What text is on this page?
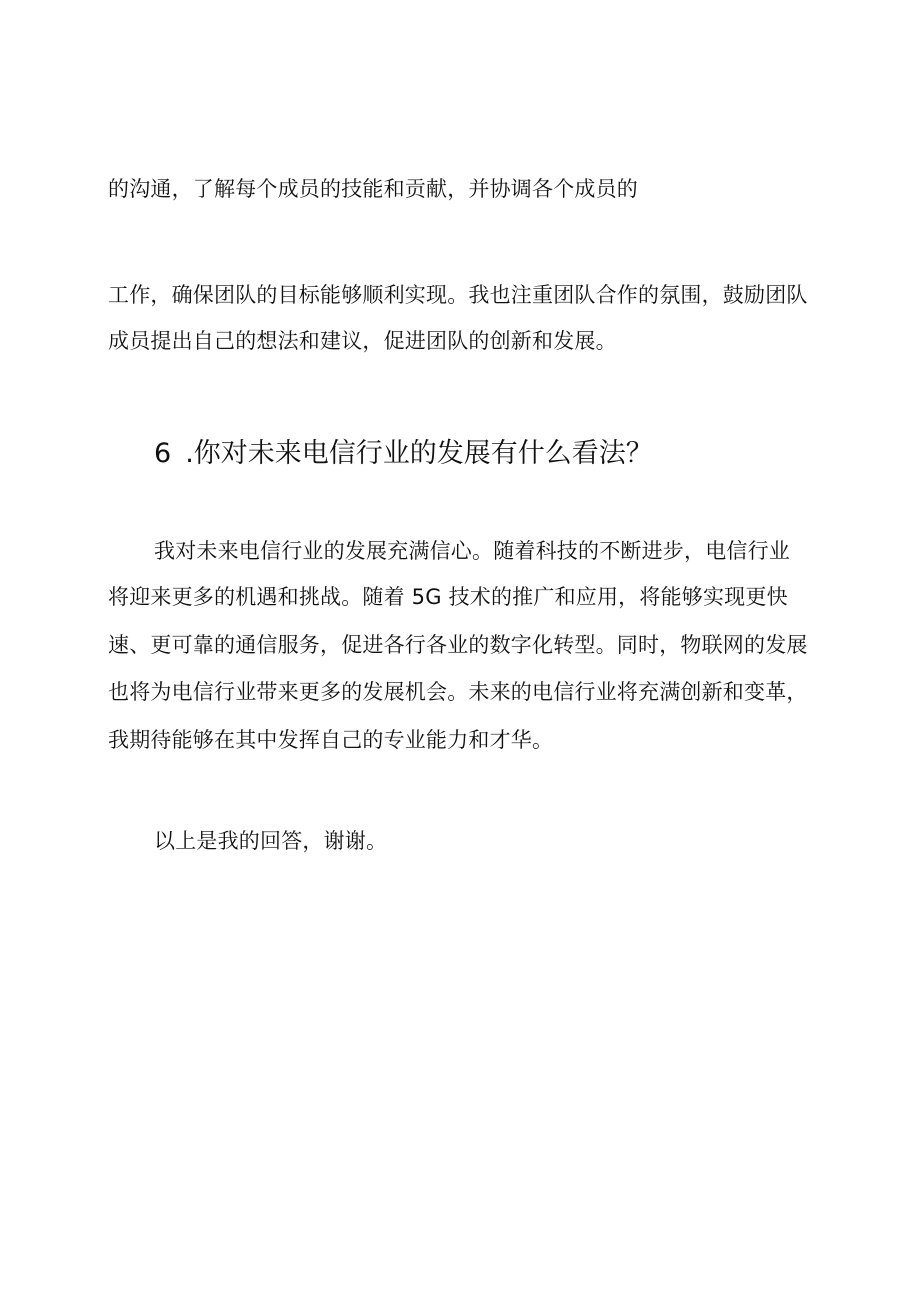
的沟通，了解每个成员的技能和贡献，并协调各个成员的
工作，确保团队的目标能够顺利实现。我也注重团队合作的氛围，鼓励团队
成员提出自己的想法和建议，促进团队的创新和发展。
6 .你对未来电信行业的发展有什么看法？
我对未来电信行业的发展充满信心。随着科技的不断进步，电信行业
将迎来更多的机遇和挑战。随着 5G 技术的推广和应用，将能够实现更快
速、更可靠的通信服务，促进各行各业的数字化转型。同时，物联网的发展
也将为电信行业带来更多的发展机会。未来的电信行业将充满创新和变革，
我期待能够在其中发挥自己的专业能力和才华。
以上是我的回答，谢谢。
